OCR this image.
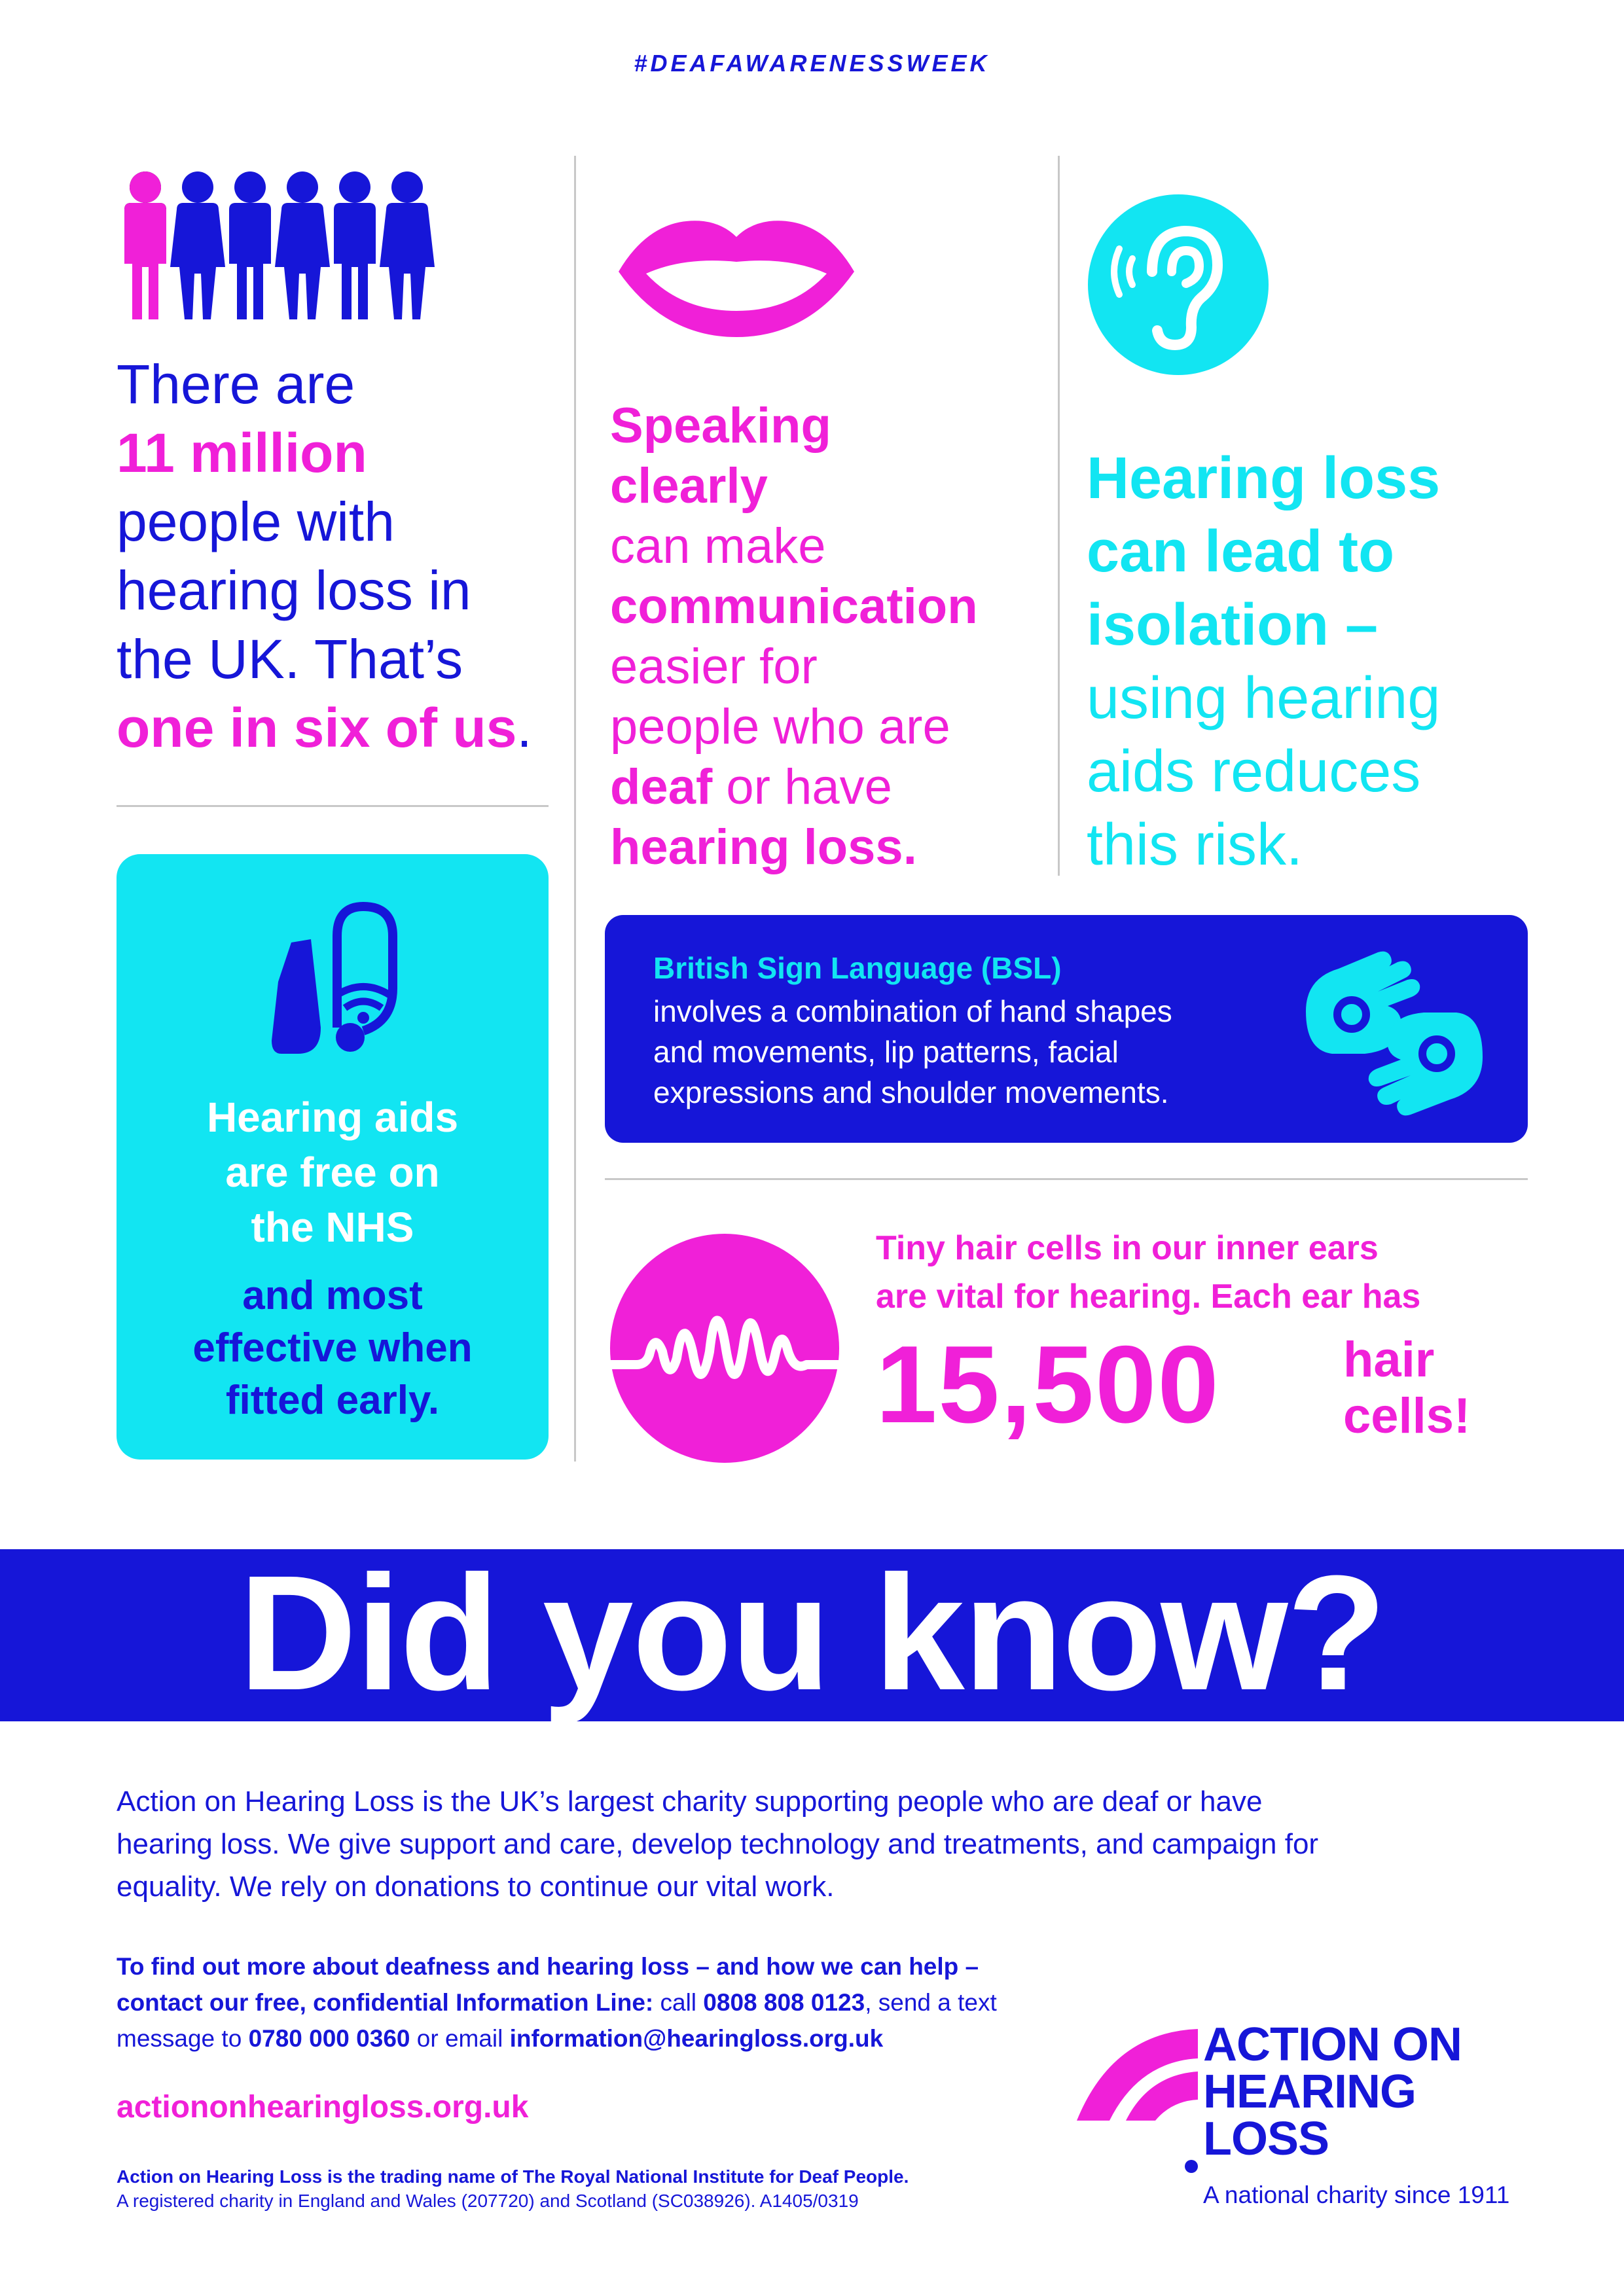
#DEAFAWARENESSWEEK
There are
11 million
people with
hearing loss in
the UK. That’s
one in six of us.
Speaking
clearly
can make
communication
easier for
people who are
deaf or have
hearing loss.
Hearing loss
can lead to
isolation –
using hearing
aids reduces
this risk.
Hearing aids
are free on
the NHS
and most
effective when
fitted early.
British Sign Language (BSL)
involves a combination of hand shapes
and movements, lip patterns, facial
expressions and shoulder movements.
Tiny hair cells in our inner ears
are vital for hearing. Each ear has
15,500 hair
cells!
Did you know?
Action on Hearing Loss is the UK’s largest charity supporting people who are deaf or have
hearing loss. We give support and care, develop technology and treatments, and campaign for
equality. We rely on donations to continue our vital work.
To find out more about deafness and hearing loss – and how we can help –
contact our free, confidential Information Line: call 0808 808 0123, send a text
message to 0780 000 0360 or email information@hearingloss.org.uk
actiononhearingloss.org.uk
Action on Hearing Loss is the trading name of The Royal National Institute for Deaf People.
A registered charity in England and Wales (207720) and Scotland (SC038926). A1405/0319
ACTION ON
HEARING
LOSS
A national charity since 1911
